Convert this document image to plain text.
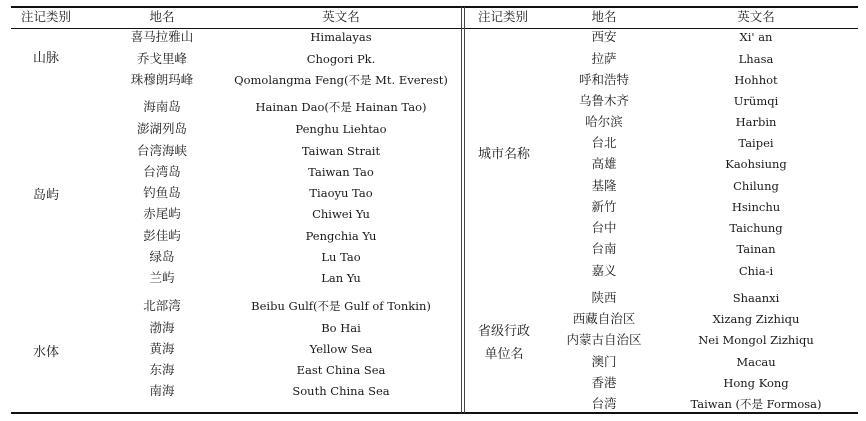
注记类别	地名	英文名	注记类别	地名	英文名
山脉
喜马拉雅山	Himalayas
乔戈里峰	Chogori Pk.
珠穆朗玛峰	Qomolangma Feng(不是 Mt. Everest)
岛屿
海南岛	Hainan Dao(不是 Hainan Tao)
澎湖列岛	Penghu Liehtao
台湾海峡	Taiwan Strait
台湾岛	Taiwan Tao
钓鱼岛	Tiaoyu Tao
赤尾屿	Chiwei Yu
彭佳屿	Pengchia Yu
绿岛	Lu Tao
兰屿	Lan Yu
水体
北部湾	Beibu Gulf(不是 Gulf of Tonkin)
渤海	Bo Hai
黄海	Yellow Sea
东海	East China Sea
南海	South China Sea
城市名称
西安	Xi' an
拉萨	Lhasa
呼和浩特	Hohhot
乌鲁木齐	Urümqi
哈尔滨	Harbin
台北	Taipei
高雄	Kaohsiung
基隆	Chilung
新竹	Hsinchu
台中	Taichung
台南	Tainan
嘉义	Chia-i
省级行政
单位名
陕西	Shaanxi
西藏自治区	Xizang Zizhiqu
内蒙古自治区	Nei Mongol Zizhiqu
澳门	Macau
香港	Hong Kong
台湾	Taiwan (不是 Formosa)
